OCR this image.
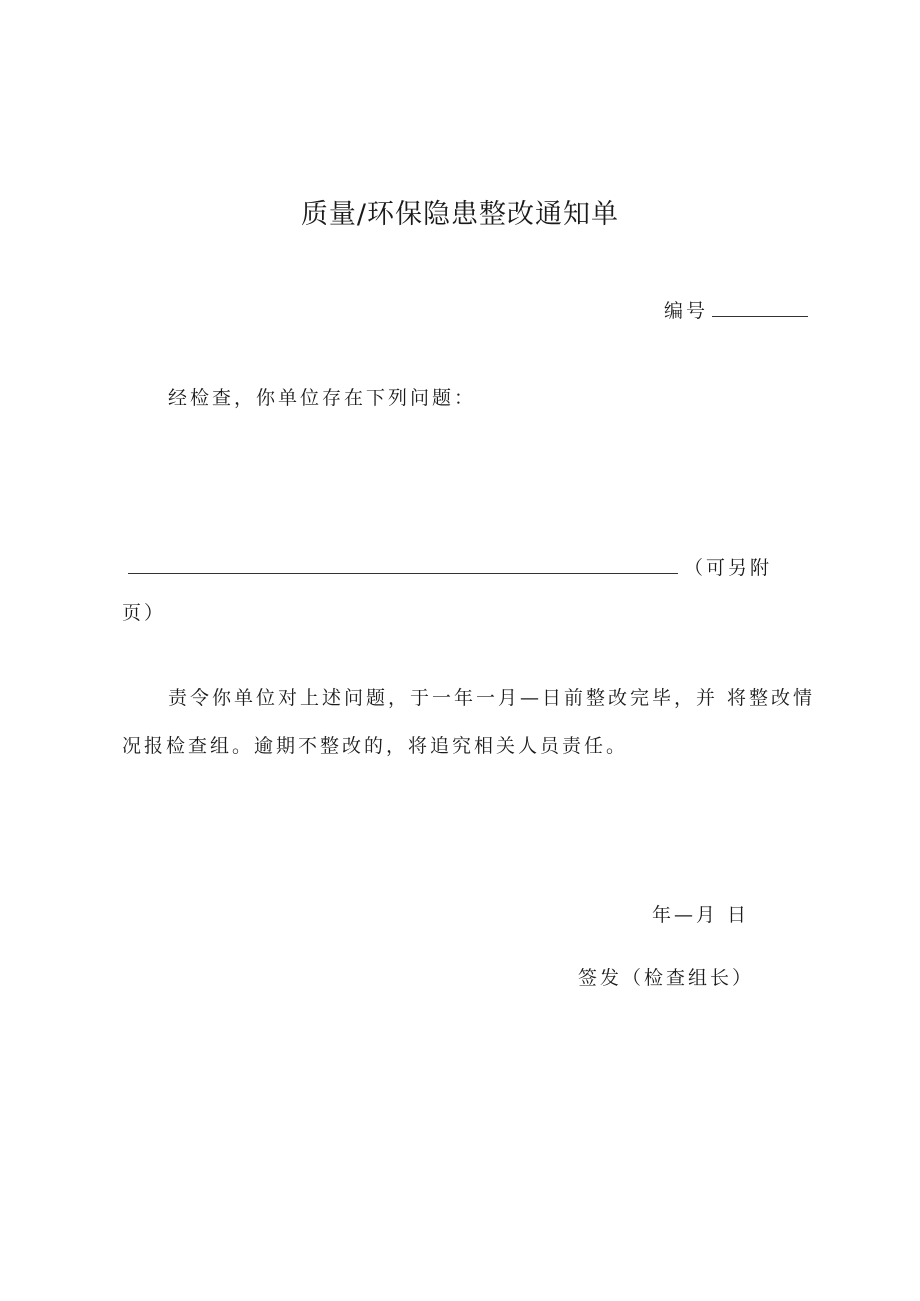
质量/环保隐患整改通知单
编号
经检查，你单位存在下列问题：
（可另附
页）
责令你单位对上述问题，于一年一月—日前整改完毕，并 将整改情
况报检查组。逾期不整改的，将追究相关人员责任。
年—月 日
签发（检查组长）
